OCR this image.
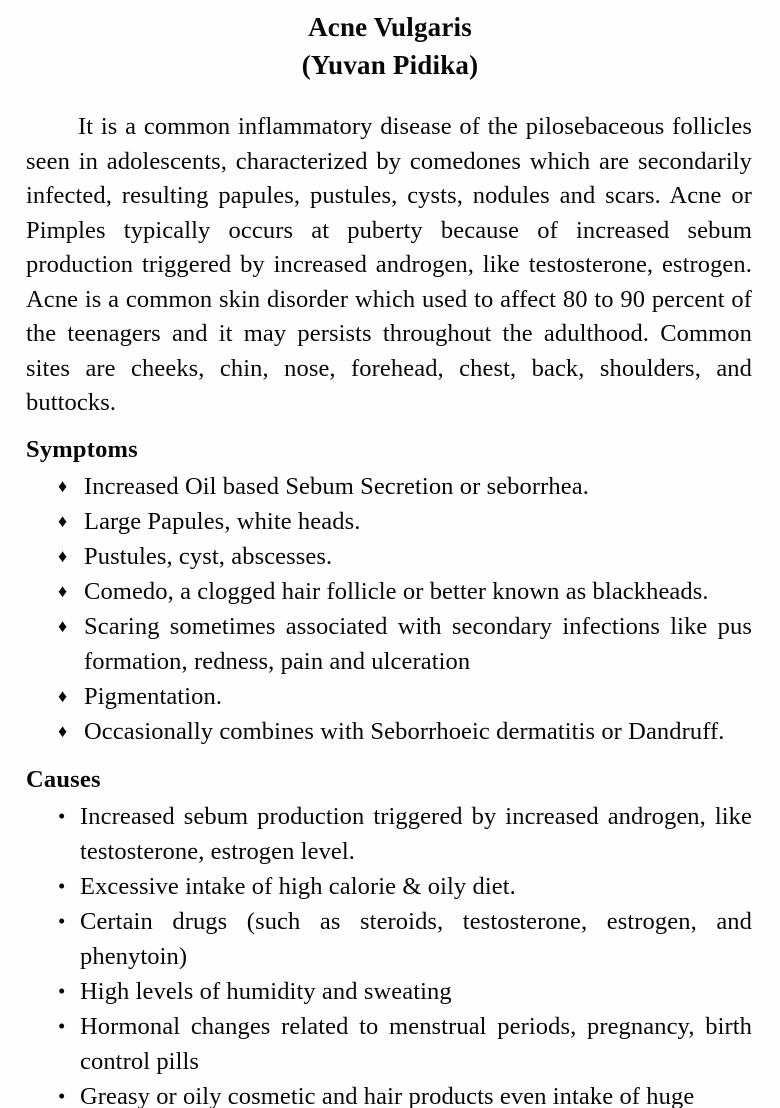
Acne Vulgaris
(Yuvan Pidika)

It is a common inflammatory disease of the pilosebaceous follicles seen in adolescents, characterized by comedones which are secondarily infected, resulting papules, pustules, cysts, nodules and scars. Acne or Pimples typically occurs at puberty because of increased sebum production triggered by increased androgen, like testosterone, estrogen. Acne is a common skin disorder which used to affect 80 to 90 percent of the teenagers and it may persists throughout the adulthood. Common sites are cheeks, chin, nose, forehead, chest, back, shoulders, and buttocks.

Symptoms
♦ Increased Oil based Sebum Secretion or seborrhea.
♦ Large Papules, white heads.
♦ Pustules, cyst, abscesses.
♦ Comedo, a clogged hair follicle or better known as blackheads.
♦ Scaring sometimes associated with secondary infections like pus formation, redness, pain and ulceration
♦ Pigmentation.
♦ Occasionally combines with Seborrhoeic dermatitis or Dandruff.
Causes
• Increased sebum production triggered by increased androgen, like testosterone, estrogen level.
• Excessive intake of high calorie & oily diet.
• Certain drugs (such as steroids, testosterone, estrogen, and phenytoin)
• High levels of humidity and sweating
• Hormonal changes related to menstrual periods, pregnancy, birth control pills
• Greasy or oily cosmetic and hair products even intake of huge
